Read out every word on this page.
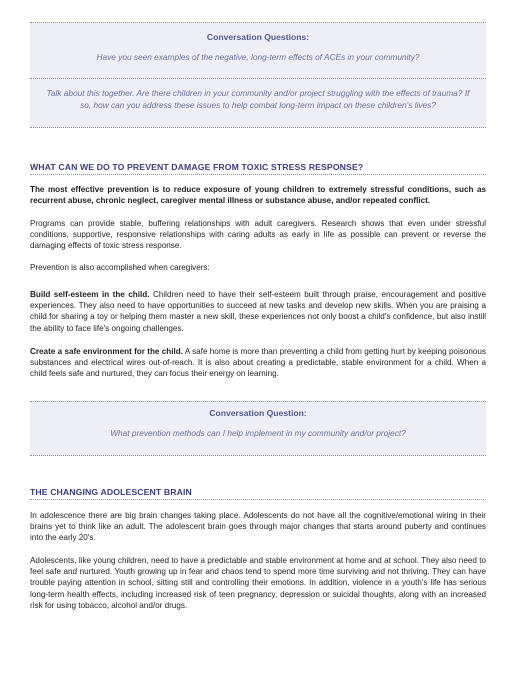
Conversation Questions:
Have you seen examples of the negative, long-term effects of ACEs in your community?
Talk about this together. Are there children in your community and/or project struggling with the effects of trauma? If so, how can you address these issues to help combat long-term impact on these children's lives?
WHAT CAN WE DO TO PREVENT DAMAGE FROM TOXIC STRESS RESPONSE?

The most effective prevention is to reduce exposure of young children to extremely stressful conditions, such as recurrent abuse, chronic neglect, caregiver mental illness or substance abuse, and/or repeated conflict.

Programs can provide stable, buffering relationships with adult caregivers. Research shows that even under stressful conditions, supportive, responsive relationships with caring adults as early in life as possible can prevent or reverse the damaging effects of toxic stress response.

Prevention is also accomplished when caregivers:

Build self-esteem in the child. Children need to have their self-esteem built through praise, encouragement and positive experiences. They also need to have opportunities to succeed at new tasks and develop new skills. When you are praising a child for sharing a toy or helping them master a new skill, these experiences not only boost a child's confidence, but also instill the ability to face life's ongoing challenges.

Create a safe environment for the child. A safe home is more than preventing a child from getting hurt by keeping poisonous substances and electrical wires out-of-reach. It is also about creating a predictable, stable environment for a child. When a child feels safe and nurtured, they can focus their energy on learning.

Conversation Question:
What prevention methods can I help implement in my community and/or project?
THE CHANGING ADOLESCENT BRAIN

In adolescence there are big brain changes taking place. Adolescents do not have all the cognitive/emotional wiring in their brains yet to think like an adult. The adolescent brain goes through major changes that starts around puberty and continues into the early 20's.

Adolescents, like young children, need to have a predictable and stable environment at home and at school. They also need to feel safe and nurtured. Youth growing up in fear and chaos tend to spend more time surviving and not thriving. They can have trouble paying attention in school, sitting still and controlling their emotions. In addition, violence in a youth's life has serious long-term health effects, including increased risk of teen pregnancy, depression or suicidal thoughts, along with an increased risk for using tobacco, alcohol and/or drugs.
